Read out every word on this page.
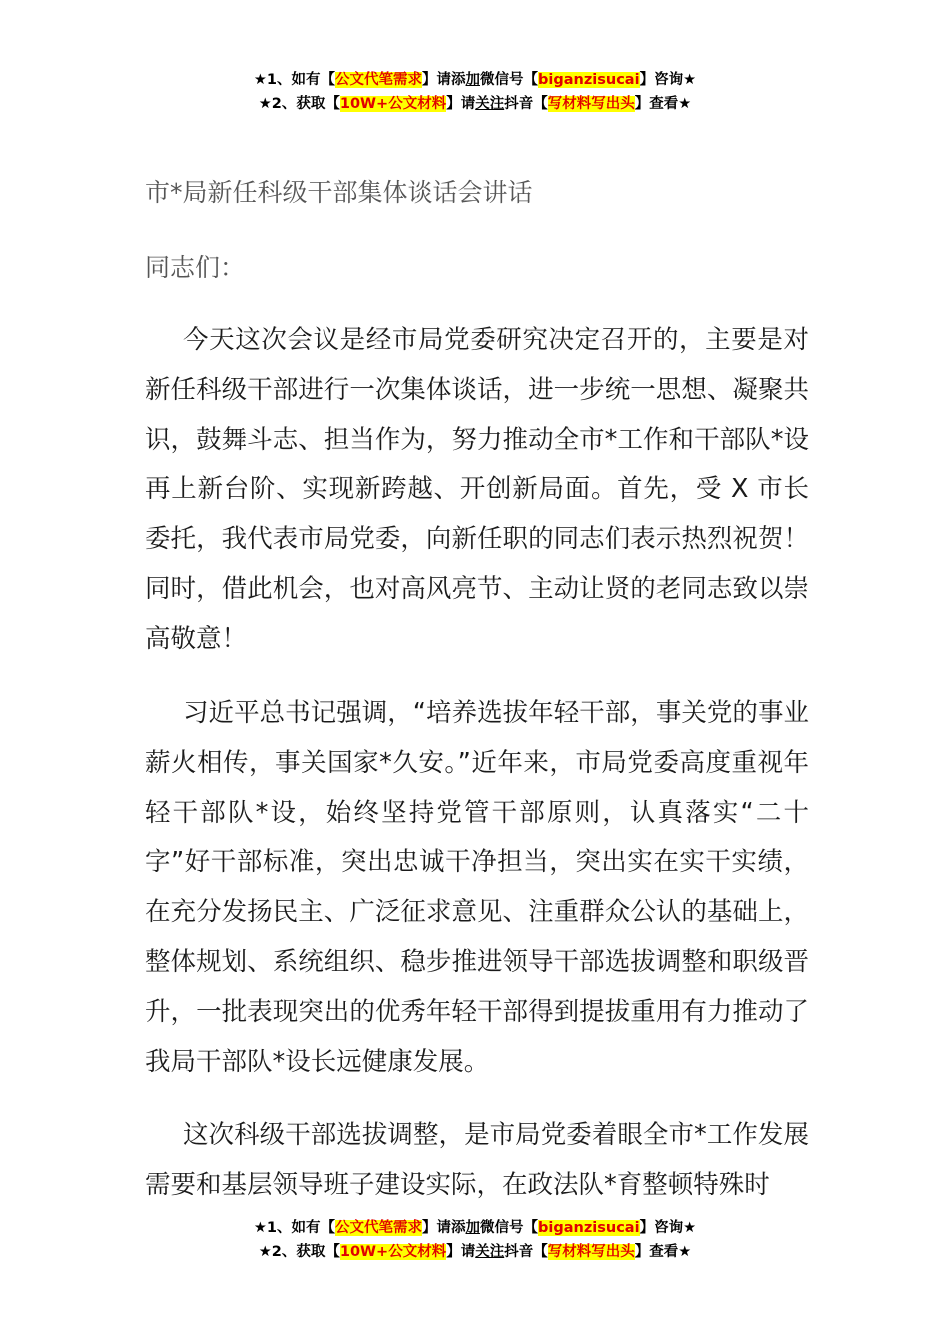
★1、如有【公文代笔需求】请添加微信号【biganzisucai】咨询★
★2、获取【10W+公文材料】请关注抖音【写材料写出头】查看★
市*局新任科级干部集体谈话会讲话
同志们：

今天这次会议是经市局党委研究决定召开的，主要是对新任科级干部进行一次集体谈话，进一步统一思想、凝聚共识，鼓舞斗志、担当作为，努力推动全市*工作和干部队*设再上新台阶、实现新跨越、开创新局面。首先，受 X 市长委托，我代表市局党委，向新任职的同志们表示热烈祝贺！同时，借此机会，也对高风亮节、主动让贤的老同志致以崇高敬意！

习近平总书记强调，“培养选拔年轻干部，事关党的事业薪火相传，事关国家*久安。”近年来，市局党委高度重视年轻干部队*设，始终坚持党管干部原则，认真落实“二十字”好干部标准，突出忠诚干净担当，突出实在实干实绩，在充分发扬民主、广泛征求意见、注重群众公认的基础上，整体规划、系统组织、稳步推进领导干部选拔调整和职级晋升，一批表现突出的优秀年轻干部得到提拔重用有力推动了我局干部队*设长远健康发展。

这次科级干部选拔调整，是市局党委着眼全市*工作发展需要和基层领导班子建设实际，在政法队*育整顿特殊时

★1、如有【公文代笔需求】请添加微信号【biganzisucai】咨询★
★2、获取【10W+公文材料】请关注抖音【写材料写出头】查看★
